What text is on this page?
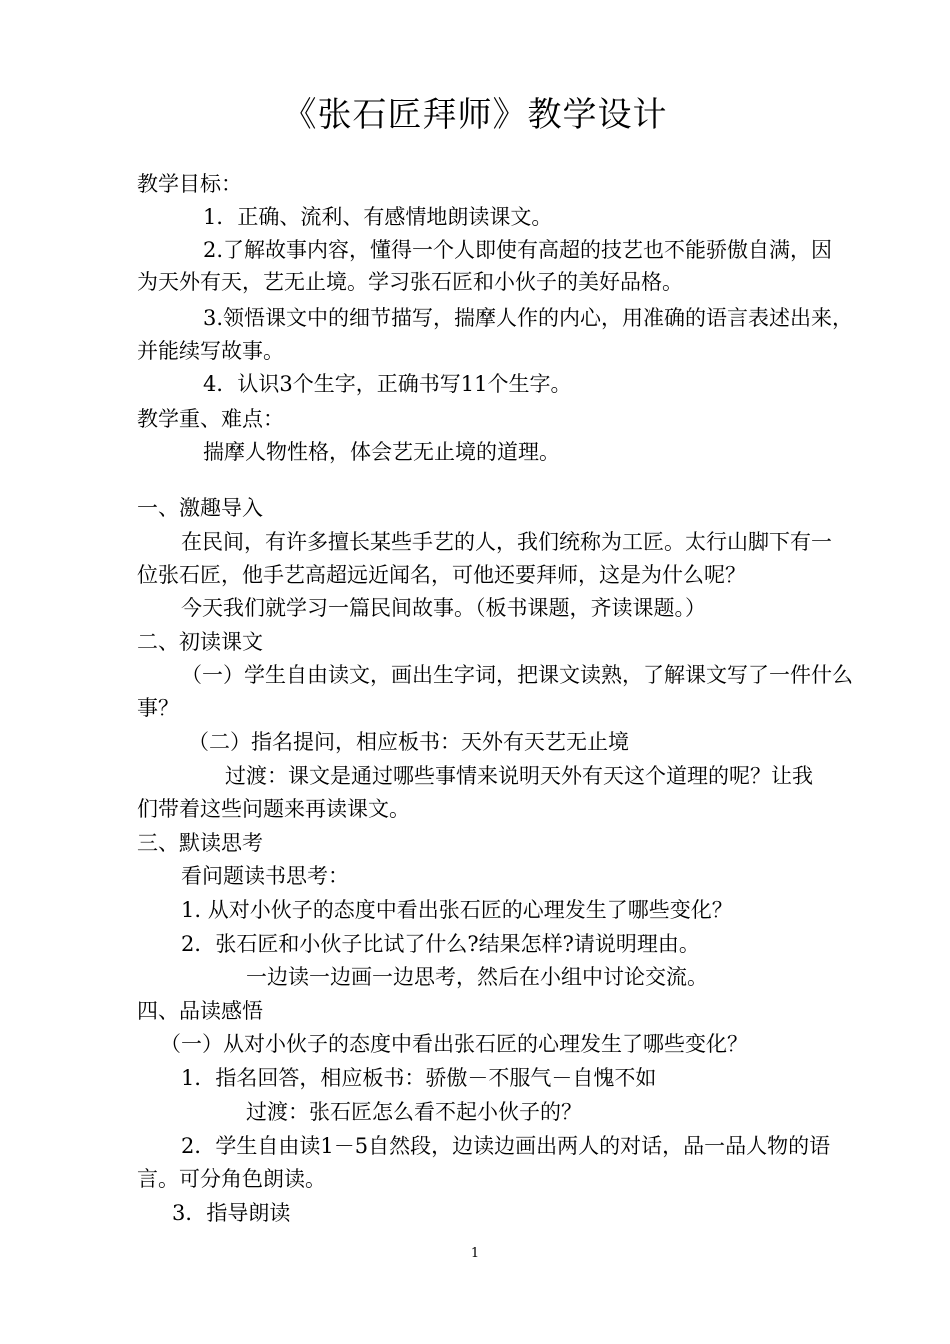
《张石匠拜师》教学设计
教学目标：
1．正确、流利、有感情地朗读课文。
2.了解故事内容，懂得一个人即使有高超的技艺也不能骄傲自满，因
为天外有天，艺无止境。学习张石匠和小伙子的美好品格。
3.领悟课文中的细节描写，揣摩人作的内心，用准确的语言表述出来，
并能续写故事。
4．认识3个生字，正确书写11个生字。
教学重、难点：
揣摩人物性格，体会艺无止境的道理。
一、激趣导入
在民间，有许多擅长某些手艺的人，我们统称为工匠。太行山脚下有一
位张石匠，他手艺高超远近闻名，可他还要拜师，这是为什么呢？
今天我们就学习一篇民间故事。（板书课题，齐读课题。）
二、初读课文
（一）学生自由读文，画出生字词，把课文读熟，了解课文写了一件什么
事？
（二）指名提问，相应板书：天外有天艺无止境
过渡：课文是通过哪些事情来说明天外有天这个道理的呢？让我
们带着这些问题来再读课文。
三、默读思考
看问题读书思考：
1. 从对小伙子的态度中看出张石匠的心理发生了哪些变化？
2．张石匠和小伙子比试了什么?结果怎样?请说明理由。
一边读一边画一边思考，然后在小组中讨论交流。
四、品读感悟
（一）从对小伙子的态度中看出张石匠的心理发生了哪些变化？
1．指名回答，相应板书：骄傲－不服气－自愧不如
过渡：张石匠怎么看不起小伙子的？
2．学生自由读1－5自然段，边读边画出两人的对话，品一品人物的语
言。可分角色朗读。
3．指导朗读
1
